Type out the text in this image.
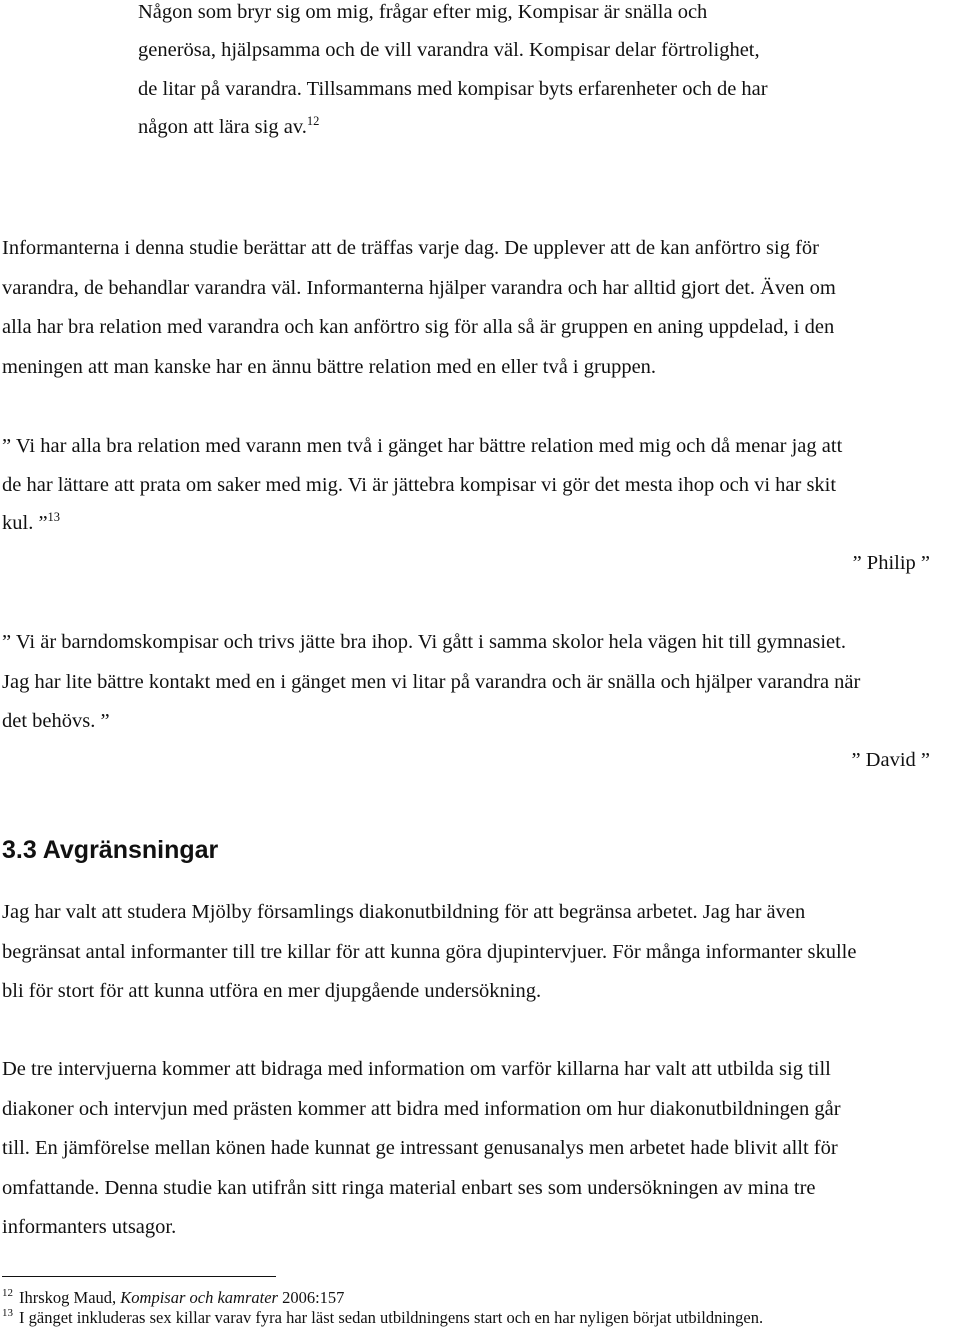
Någon som bryr sig om mig, frågar efter mig, Kompisar är snälla och
generösa, hjälpsamma och de vill varandra väl. Kompisar delar förtrolighet,
de litar på varandra. Tillsammans med kompisar byts erfarenheter och de har
någon att lära sig av.$^{12}$
Informanterna i denna studie berättar att de träffas varje dag. De upplever att de kan anförtro sig för
varandra, de behandlar varandra väl. Informanterna hjälper varandra och har alltid gjort det. Även om
alla har bra relation med varandra och kan anförtro sig för alla så är gruppen en aning uppdelad, i den
meningen att man kanske har en ännu bättre relation med en eller två i gruppen.
” Vi har alla bra relation med varann men två i gänget har bättre relation med mig och då menar jag att
de har lättare att prata om saker med mig. Vi är jättebra kompisar vi gör det mesta ihop och vi har skit
kul. ”$^{13}$
” Philip ”
” Vi är barndomskompisar och trivs jätte bra ihop. Vi gått i samma skolor hela vägen hit till gymnasiet.
Jag har lite bättre kontakt med en i gänget men vi litar på varandra och är snälla och hjälper varandra när
det behövs. ”
” David ”
3.3 Avgränsningar
Jag har valt att studera Mjölby församlings diakonutbildning för att begränsa arbetet. Jag har även
begränsat antal informanter till tre killar för att kunna göra djupintervjuer. För många informanter skulle
bli för stort för att kunna utföra en mer djupgående undersökning.
De tre intervjuerna kommer att bidraga med information om varför killarna har valt att utbilda sig till
diakoner och intervjun med prästen kommer att bidra med information om hur diakonutbildningen går
till. En jämförelse mellan könen hade kunnat ge intressant genusanalys men arbetet hade blivit allt för
omfattande. Denna studie kan utifrån sitt ringa material enbart ses som undersökningen av mina tre
informanters utsagor.
$^{12}$ Ihrskog Maud, Kompisar och kamrater 2006:157
$^{13}$ I gänget inkluderas sex killar varav fyra har läst sedan utbildningens start och en har nyligen börjat utbildningen.
